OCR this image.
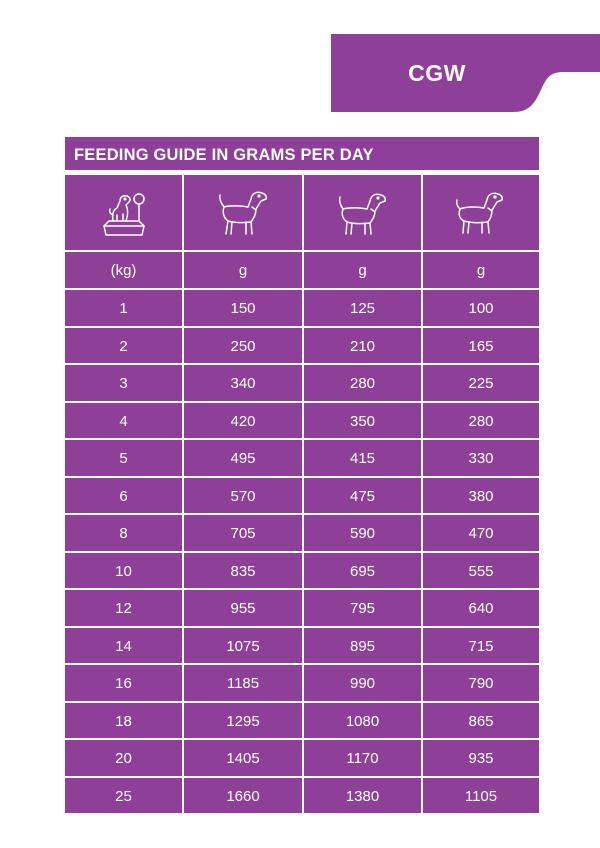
CGW
FEEDING GUIDE IN GRAMS PER DAY
(kg)	g	g	g
1	150	125	100
2	250	210	165
3	340	280	225
4	420	350	280
5	495	415	330
6	570	475	380
8	705	590	470
10	835	695	555
12	955	795	640
14	1075	895	715
16	1185	990	790
18	1295	1080	865
20	1405	1170	935
25	1660	1380	1105
